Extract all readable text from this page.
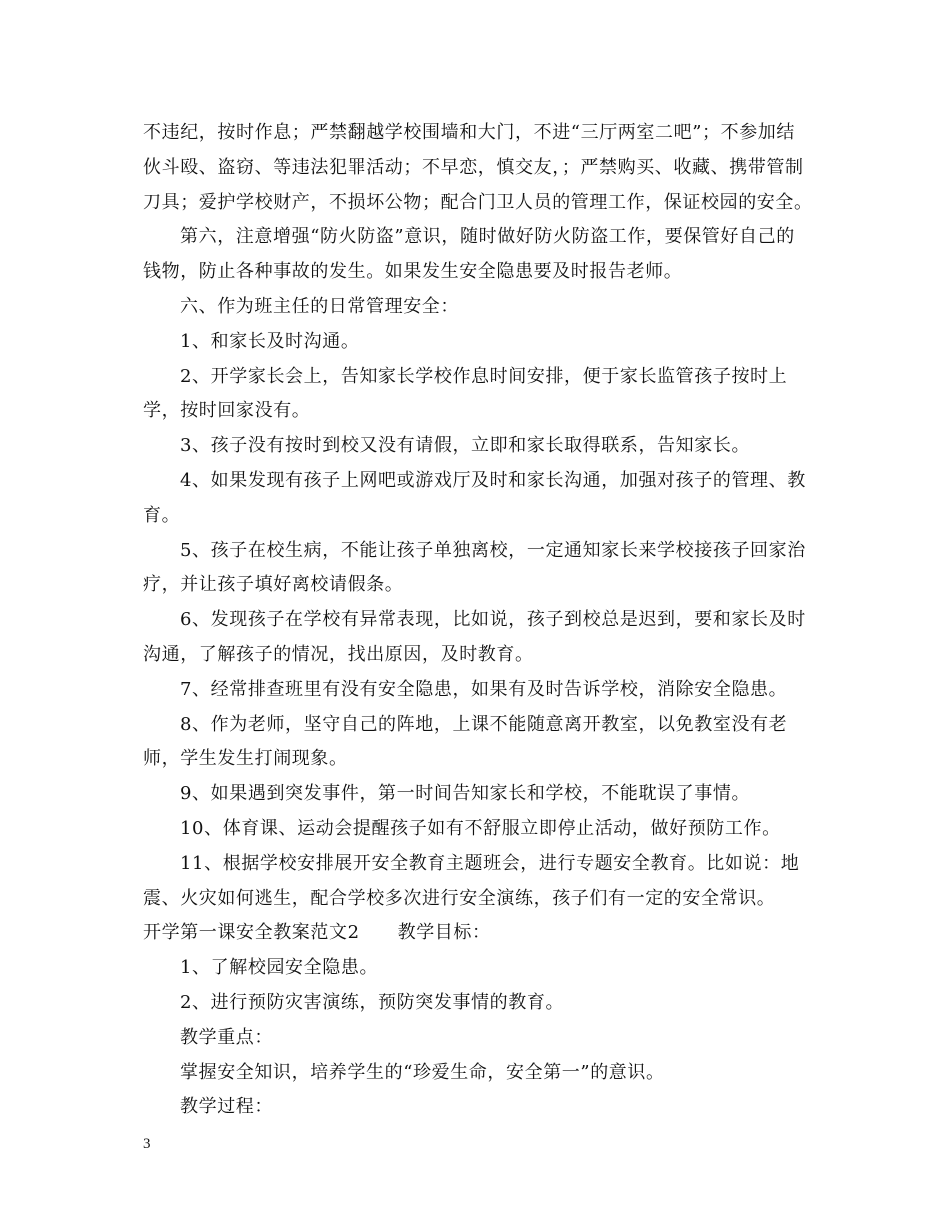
不违纪，按时作息；严禁翻越学校围墙和大门，不进“三厅两室二吧”；不参加结伙斗殴、盗窃、等违法犯罪活动；不早恋，慎交友，；严禁购买、收藏、携带管制刀具；爱护学校财产，不损坏公物；配合门卫人员的管理工作，保证校园的安全。

第六，注意增强“防火防盗”意识，随时做好防火防盗工作，要保管好自己的钱物，防止各种事故的发生。如果发生安全隐患要及时报告老师。

六、作为班主任的日常管理安全：

1、和家长及时沟通。

2、开学家长会上，告知家长学校作息时间安排，便于家长监管孩子按时上学，按时回家没有。

3、孩子没有按时到校又没有请假，立即和家长取得联系，告知家长。

4、如果发现有孩子上网吧或游戏厅及时和家长沟通，加强对孩子的管理、教育。

5、孩子在校生病，不能让孩子单独离校，一定通知家长来学校接孩子回家治疗，并让孩子填好离校请假条。

6、发现孩子在学校有异常表现，比如说，孩子到校总是迟到，要和家长及时沟通，了解孩子的情况，找出原因，及时教育。

7、经常排查班里有没有安全隐患，如果有及时告诉学校，消除安全隐患。

8、作为老师，坚守自己的阵地，上课不能随意离开教室，以免教室没有老师，学生发生打闹现象。

9、如果遇到突发事件，第一时间告知家长和学校，不能耽误了事情。

10、体育课、运动会提醒孩子如有不舒服立即停止活动，做好预防工作。

11、根据学校安排展开安全教育主题班会，进行专题安全教育。比如说：地震、火灾如何逃生，配合学校多次进行安全演练，孩子们有一定的安全常识。

开学第一课安全教案范文2 教学目标：

1、了解校园安全隐患。

2、进行预防灾害演练，预防突发事情的教育。

教学重点：

掌握安全知识，培养学生的“珍爱生命，安全第一”的意识。

教学过程：

3
